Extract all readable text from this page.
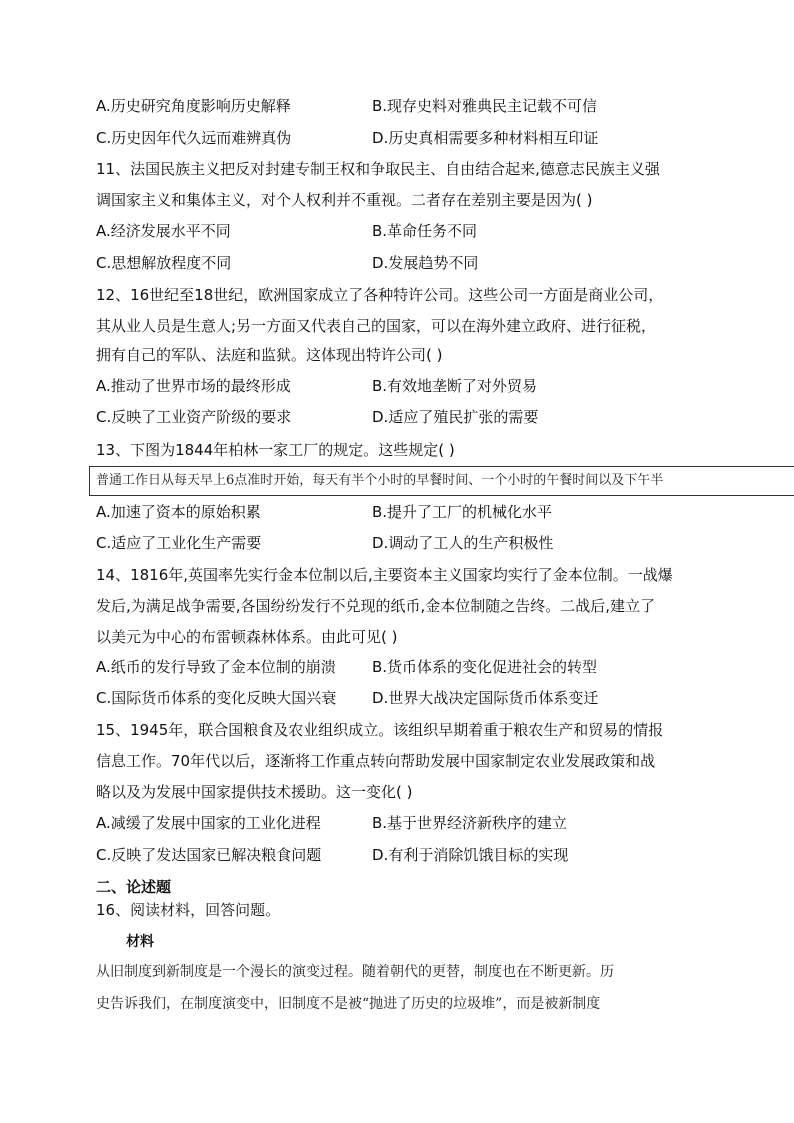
A.历史研究角度影响历史解释	B.现存史料对雅典民主记载不可信
C.历史因年代久远而难辨真伪	D.历史真相需要多种材料相互印证
11、法国民族主义把反对封建专制王权和争取民主、自由结合起来,德意志民族主义强
调国家主义和集体主义，对个人权利并不重视。二者存在差别主要是因为( )
A.经济发展水平不同	B.革命任务不同
C.思想解放程度不同	D.发展趋势不同
12、16世纪至18世纪，欧洲国家成立了各种特许公司。这些公司一方面是商业公司，
其从业人员是生意人;另一方面又代表自己的国家，可以在海外建立政府、进行征税，
拥有自己的军队、法庭和监狱。这体现出特许公司( )
A.推动了世界市场的最终形成	B.有效地垄断了对外贸易
C.反映了工业资产阶级的要求	D.适应了殖民扩张的需要
13、下图为1844年柏林一家工厂的规定。这些规定( )
普通工作日从每天早上6点准时开始，每天有半个小时的早餐时间、一个小时的午餐时间以及下午半
A.加速了资本的原始积累	B.提升了工厂的机械化水平
C.适应了工业化生产需要	D.调动了工人的生产积极性
14、1816年,英国率先实行金本位制以后,主要资本主义国家均实行了金本位制。一战爆
发后,为满足战争需要,各国纷纷发行不兑现的纸币,金本位制随之告终。二战后,建立了
以美元为中心的布雷顿森林体系。由此可见( )
A.纸币的发行导致了金本位制的崩溃 B.货币体系的变化促进社会的转型
C.国际货币体系的变化反映大国兴衰 D.世界大战决定国际货币体系变迁
15、1945年，联合国粮食及农业组织成立。该组织早期着重于粮农生产和贸易的情报
信息工作。70年代以后，逐渐将工作重点转向帮助发展中国家制定农业发展政策和战
略以及为发展中国家提供技术援助。这一变化( )
A.减缓了发展中国家的工业化进程	B.基于世界经济新秩序的建立
C.反映了发达国家已解决粮食问题	D.有利于消除饥饿目标的实现
二、论述题
16、阅读材料，回答问题。
材料
从旧制度到新制度是一个漫长的演变过程。随着朝代的更替，制度也在不断更新。历
史告诉我们，在制度演变中，旧制度不是被“抛进了历史的垃圾堆”，而是被新制度
